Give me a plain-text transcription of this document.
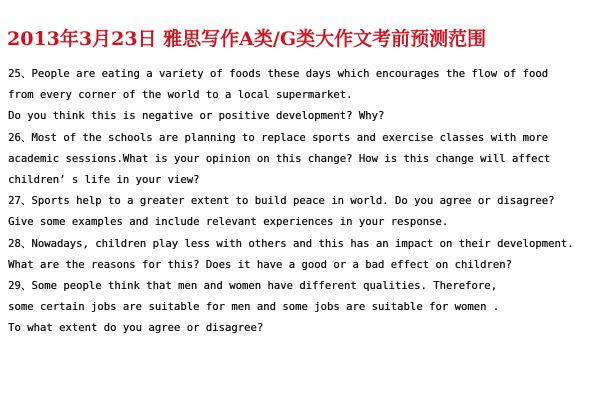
2013年3月23日 雅思写作A类/G类大作文考前预测范围
25、People are eating a variety of foods these days which encourages the flow of food
from every corner of the world to a local supermarket.
Do you think this is negative or positive development? Why?
26、Most of the schools are planning to replace sports and exercise classes with more
academic sessions.What is your opinion on this change? How is this change will affect
children’ s life in your view?
27、Sports help to a greater extent to build peace in world. Do you agree or disagree?
Give some examples and include relevant experiences in your response.
28、Nowadays, children play less with others and this has an impact on their development.
What are the reasons for this? Does it have a good or a bad effect on children?
29、Some people think that men and women have different qualities. Therefore,
some certain jobs are suitable for men and some jobs are suitable for women .
To what extent do you agree or disagree?
